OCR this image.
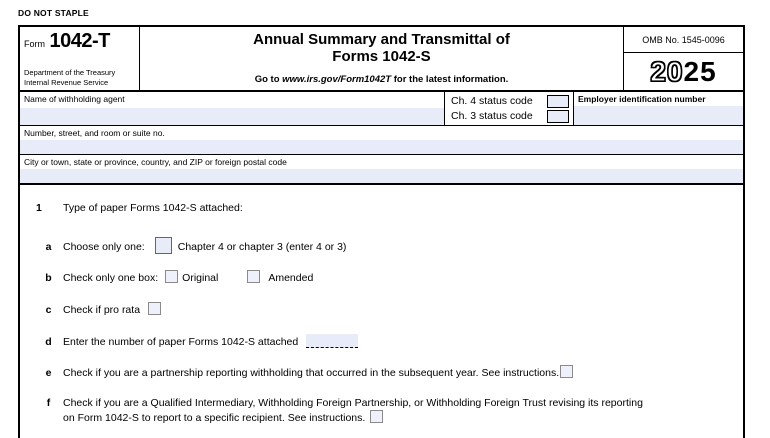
DO NOT STAPLE
Form 1042-T
Department of the Treasury
Internal Revenue Service
Annual Summary and Transmittal of
Forms 1042-S
Go to www.irs.gov/Form1042T for the latest information.
OMB No. 1545-0096
20 25
Name of withholding agent	Ch. 4 status code
Ch. 3 status code
Employer identification number
Number, street, and room or suite no.
City or town, state or province, country, and ZIP or foreign postal code
1 Type of paper Forms 1042-S attached:
a Choose only one:	Chapter 4 or chapter 3 (enter 4 or 3)
b Check only one box: Original	Amended
c Check if pro rata
d Enter the number of paper Forms 1042-S attached
e Check if you are a partnership reporting withholding that occurred in the subsequent year. See instructions.
f	Check if you are a Qualified Intermediary, Withholding Foreign Partnership, or Withholding Foreign Trust revising its reporting
on Form 1042-S to report to a specific recipient. See instructions.
